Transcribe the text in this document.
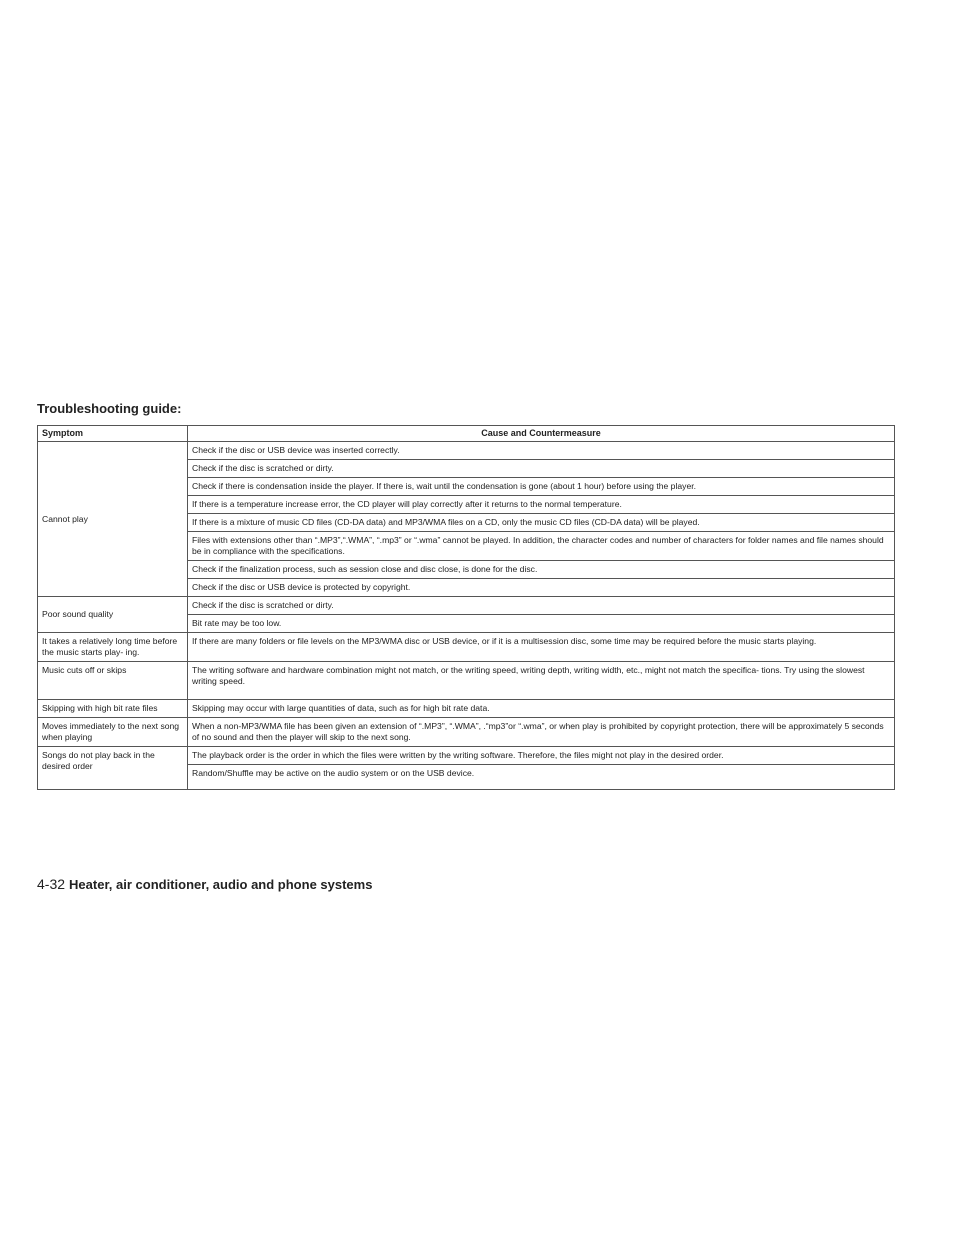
Troubleshooting guide:
Symptom	Cause and Countermeasure
Cannot play	Check if the disc or USB device was inserted correctly.
	Check if the disc is scratched or dirty.
	Check if there is condensation inside the player. If there is, wait until the condensation is gone (about 1 hour) before using the player.
	If there is a temperature increase error, the CD player will play correctly after it returns to the normal temperature.
	If there is a mixture of music CD files (CD-DA data) and MP3/WMA files on a CD, only the music CD files (CD-DA data) will be played.
	Files with extensions other than “.MP3”,“.WMA”, “.mp3” or “.wma” cannot be played. In addition, the character codes and number of characters for folder names and file names should be in compliance with the specifications.
	Check if the finalization process, such as session close and disc close, is done for the disc.
	Check if the disc or USB device is protected by copyright.
Poor sound quality	Check if the disc is scratched or dirty.
	Bit rate may be too low.
It takes a relatively long time before the music starts play- ing.	If there are many folders or file levels on the MP3/WMA disc or USB device, or if it is a multisession disc, some time may be required before the music starts playing.
Music cuts off or skips	The writing software and hardware combination might not match, or the writing speed, writing depth, writing width, etc., might not match the specifica- tions. Try using the slowest writing speed.
Skipping with high bit rate files	Skipping may occur with large quantities of data, such as for high bit rate data.
Moves immediately to the next song when playing	When a non-MP3/WMA file has been given an extension of “.MP3”, “.WMA”, .“mp3”or “.wma”, or when play is prohibited by copyright protection, there will be approximately 5 seconds of no sound and then the player will skip to the next song.
Songs do not play back in the desired order	The playback order is the order in which the files were written by the writing software. Therefore, the files might not play in the desired order.
	Random/Shuffle may be active on the audio system or on the USB device.
4-32 Heater, air conditioner, audio and phone systems
